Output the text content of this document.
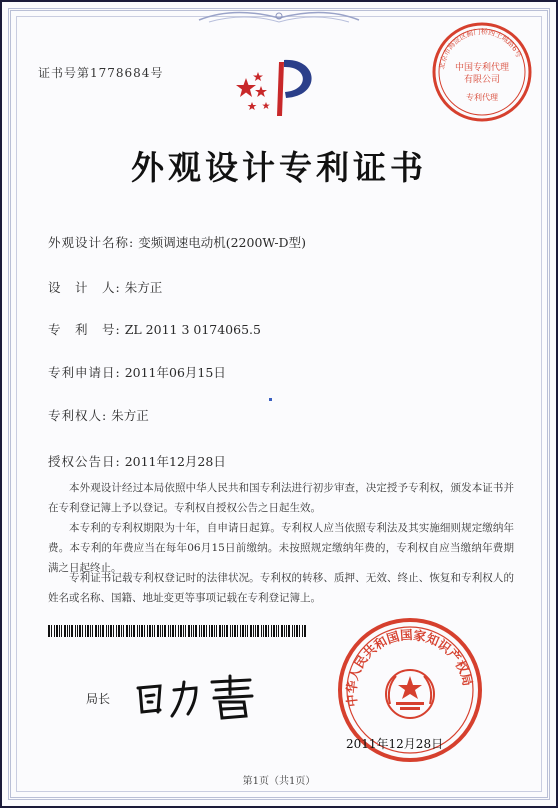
证书号第1778684号
北京市海淀区蓟门桥西土城路6号
中国专利代理
有限公司
专利代理
外观设计专利证书
外观设计名称: 变频调速电动机(2200W-D型)
设　计　人: 朱方正
专　利　号: ZL 2011 3 0174065.5
专利申请日: 2011年06月15日
专利权人: 朱方正
授权公告日: 2011年12月28日
本外观设计经过本局依照中华人民共和国专利法进行初步审查，决定授予专利权，颁发本证书并在专利登记簿上予以登记。专利权自授权公告之日起生效。
本专利的专利权期限为十年，自申请日起算。专利权人应当依照专利法及其实施细则规定缴纳年费。本专利的年费应当在每年06月15日前缴纳。未按照规定缴纳年费的，专利权自应当缴纳年费期满之日起终止。
专利证书记载专利权登记时的法律状况。专利权的转移、质押、无效、终止、恢复和专利权人的姓名或名称、国籍、地址变更等事项记载在专利登记簿上。
局长	中华人民共和国国家知识产权局
2011年12月28日
第1页（共1页）
